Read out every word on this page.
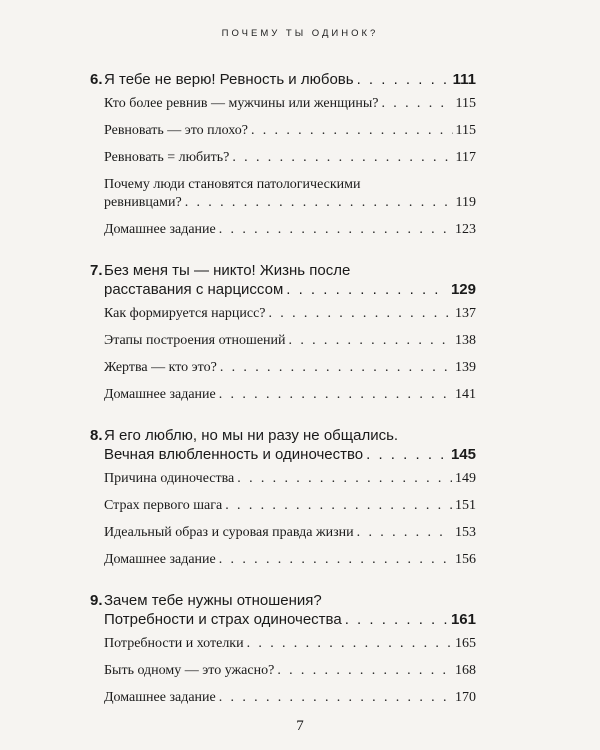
ПОЧЕМУ ТЫ ОДИНОК?
6. Я тебе не верю! Ревность и любовь . . .	111
Кто более ревнив — мужчины или женщины? . . .	115
Ревновать — это плохо? . . .	115
Ревновать = любить? . . .	117
Почему люди становятся патологическими
ревнивцами? . . .	119
Домашнее задание . . .	123
7. Без меня ты — никто! Жизнь после
расставания с нарциссом . . .	129
Как формируется нарцисс? . . .	137
Этапы построения отношений . . .	138
Жертва — кто это? . . .	139
Домашнее задание . . .	141
8. Я его люблю, но мы ни разу не общались.
Вечная влюбленность и одиночество . . .	145
Причина одиночества . . .	149
Страх первого шага . . .	151
Идеальный образ и суровая правда жизни . . .	153
Домашнее задание . . .	156
9. Зачем тебе нужны отношения?
Потребности и страх одиночества . . .	161
Потребности и хотелки . . .	165
Быть одному — это ужасно? . . .	168
Домашнее задание . . .	170
7
